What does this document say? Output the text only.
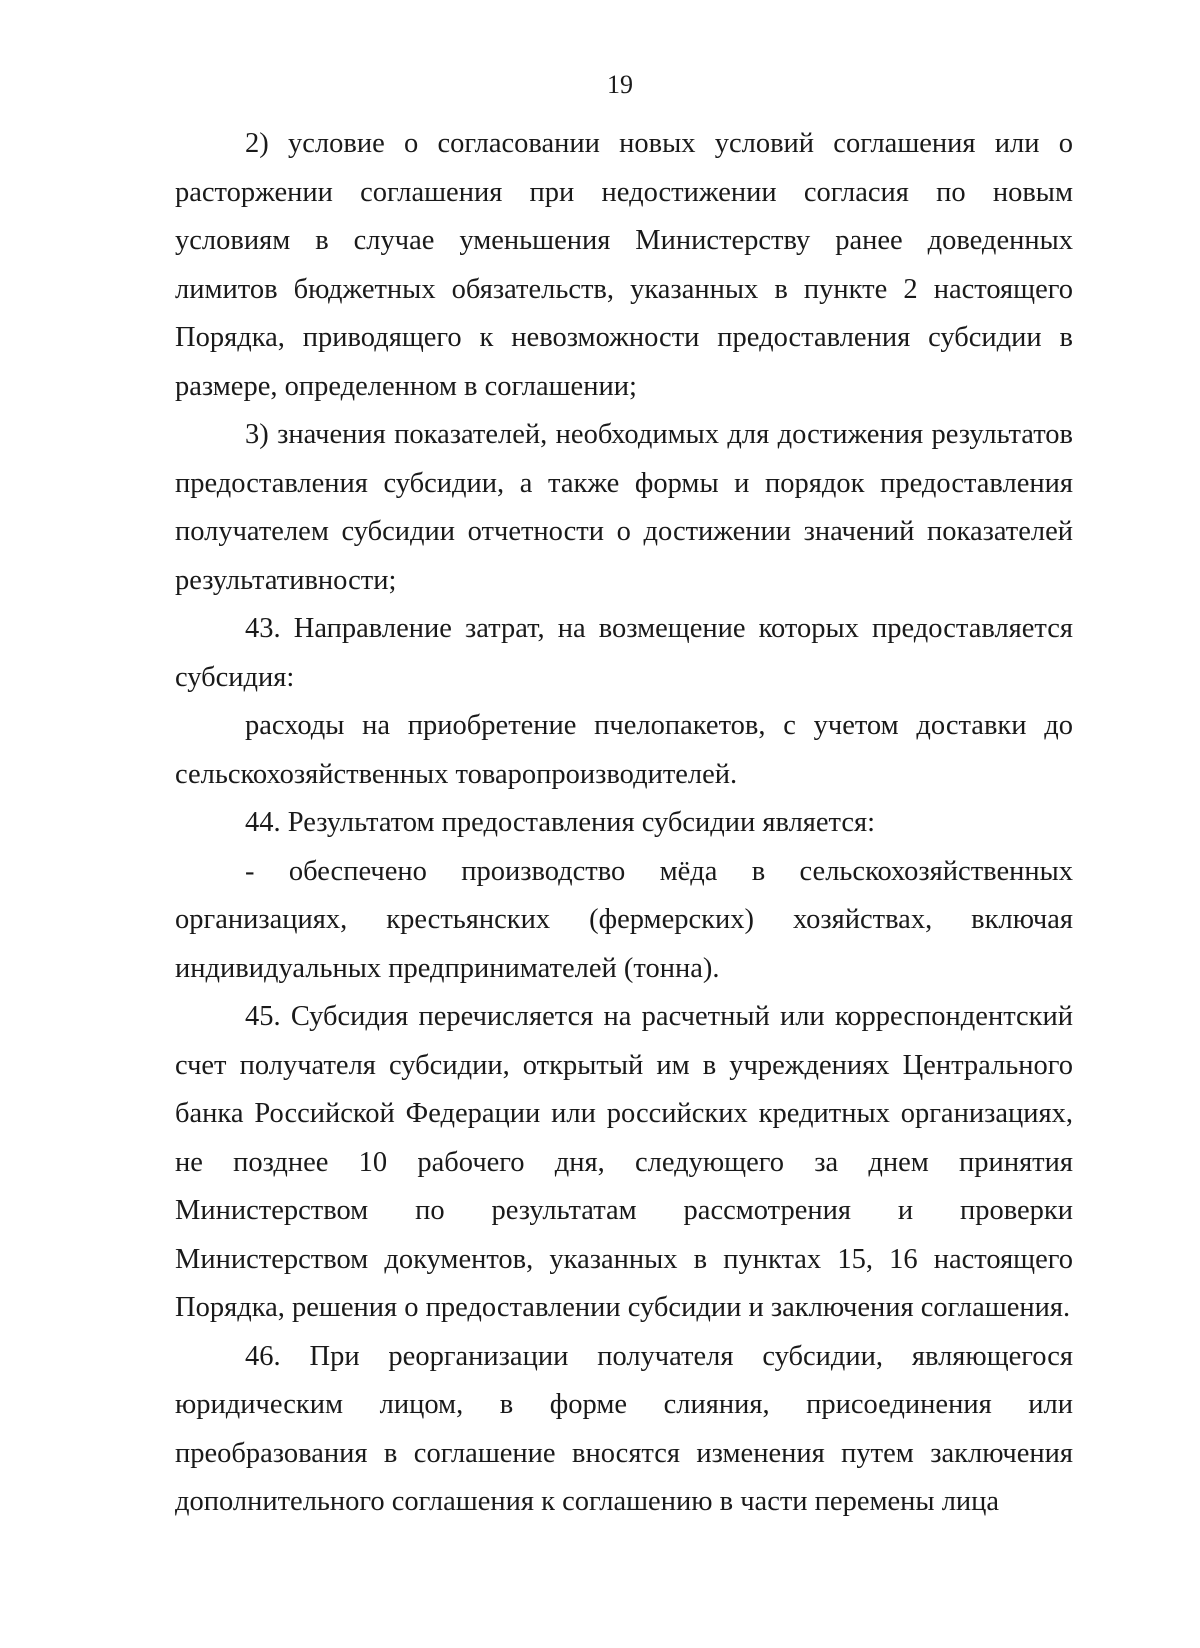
19

2) условие о согласовании новых условий соглашения или о расторжении соглашения при недостижении согласия по новым условиям в случае уменьшения Министерству ранее доведенных лимитов бюджетных обязательств, указанных в пункте 2 настоящего Порядка, приводящего к невозможности предоставления субсидии в размере, определенном в соглашении;

3) значения показателей, необходимых для достижения результатов предоставления субсидии, а также формы и порядок предоставления получателем субсидии отчетности о достижении значений показателей результативности;

43. Направление затрат, на возмещение которых предоставляется субсидия:

расходы на приобретение пчелопакетов, с учетом доставки до сельскохозяйственных товаропроизводителей.

44. Результатом предоставления субсидии является:

- обеспечено производство мёда в сельскохозяйственных организациях, крестьянских (фермерских) хозяйствах, включая индивидуальных предпринимателей (тонна).

45. Субсидия перечисляется на расчетный или корреспондентский счет получателя субсидии, открытый им в учреждениях Центрального банка Российской Федерации или российских кредитных организациях, не позднее 10 рабочего дня, следующего за днем принятия Министерством по результатам рассмотрения и проверки Министерством документов, указанных в пунктах 15, 16 настоящего Порядка, решения о предоставлении субсидии и заключения соглашения.

46. При реорганизации получателя субсидии, являющегося юридическим лицом, в форме слияния, присоединения или преобразования в соглашение вносятся изменения путем заключения дополнительного соглашения к соглашению в части перемены лица
